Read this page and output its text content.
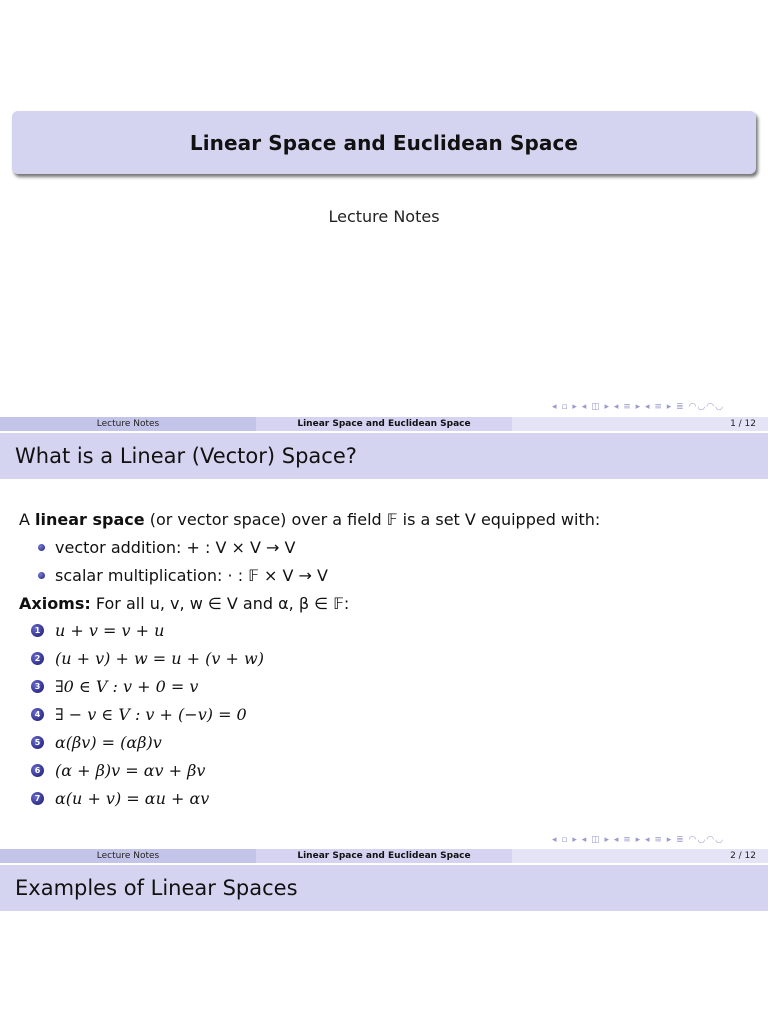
Linear Space and Euclidean Space
Lecture Notes
◂ ▫ ▸ ◂ ◫ ▸ ◂ ≡ ▸ ◂ ≡ ▸ ≣ ◠◡◠◡
Lecture Notes	Linear Space and Euclidean Space	1 / 12
What is a Linear (Vector) Space?
A linear space (or vector space) over a field 𝔽 is a set V equipped with:
vector addition: + : V × V → V
scalar multiplication: · : 𝔽 × V → V
Axioms: For all u, v, w ∈ V and α, β ∈ 𝔽:
1 u + v = v + u
2 (u + v) + w = u + (v + w)
3 ∃0 ∈ V : v + 0 = v
4 ∃ − v ∈ V : v + (−v) = 0
5 α(βv) = (αβ)v
6 (α + β)v = αv + βv
7 α(u + v) = αu + αv
◂ ▫ ▸ ◂ ◫ ▸ ◂ ≡ ▸ ◂ ≡ ▸ ≣ ◠◡◠◡
Lecture Notes	Linear Space and Euclidean Space	2 / 12
Examples of Linear Spaces
